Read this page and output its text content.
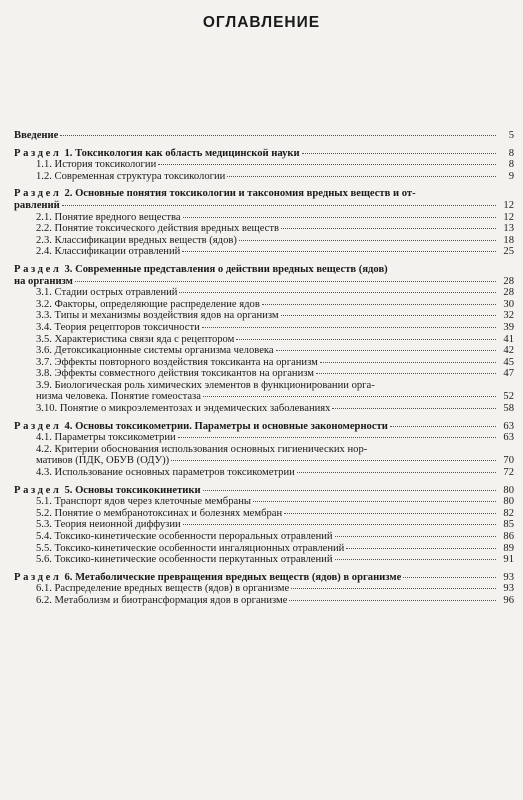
ОГЛАВЛЕНИЕ
Введение	5
Раздел 1. Токсикология как область медицинской науки	8
1.1. История токсикологии	8
1.2. Современная структура токсикологии	9
Раздел 2. Основные понятия токсикологии и таксономия вредных веществ и от-
равлений	12
2.1. Понятие вредного вещества	12
2.2. Понятие токсического действия вредных веществ	13
2.3. Классификации вредных веществ (ядов)	18
2.4. Классификации отравлений	25
Раздел 3. Современные представления о действии вредных веществ (ядов)
на организм	28
3.1. Стадии острых отравлений	28
3.2. Факторы, определяющие распределение ядов	30
3.3. Типы и механизмы воздействия ядов на организм	32
3.4. Теория рецепторов токсичности	39
3.5. Характеристика связи яда с рецептором	41
3.6. Детоксикационные системы организма человека	42
3.7. Эффекты повторного воздействия токсиканта на организм	45
3.8. Эффекты совместного действия токсикантов на организм	47
3.9. Биологическая роль химических элементов в функционировании орга-
низма человека. Понятие гомеостаза	52
3.10. Понятие о микроэлементозах и эндемических заболеваниях	58
Раздел 4. Основы токсикометрии. Параметры и основные закономерности	63
4.1. Параметры токсикометрии	63
4.2. Критерии обоснования использования основных гигиенических нор-
мативов (ПДК, ОБУВ (ОДУ))	70
4.3. Использование основных параметров токсикометрии	72
Раздел 5. Основы токсикокинетики	80
5.1. Транспорт ядов через клеточные мембраны	80
5.2. Понятие о мембранотоксинах и болезнях мембран	82
5.3. Теория неионной диффузии	85
5.4. Токсико-кинетические особенности пероральных отравлений	86
5.5. Токсико-кинетические особенности ингаляционных отравлений	89
5.6. Токсико-кинетические особенности перкутанных отравлений	91
Раздел 6. Метаболические превращения вредных веществ (ядов) в организме	93
6.1. Распределение вредных веществ (ядов) в организме	93
6.2. Метаболизм и биотрансформация ядов в организме	96
